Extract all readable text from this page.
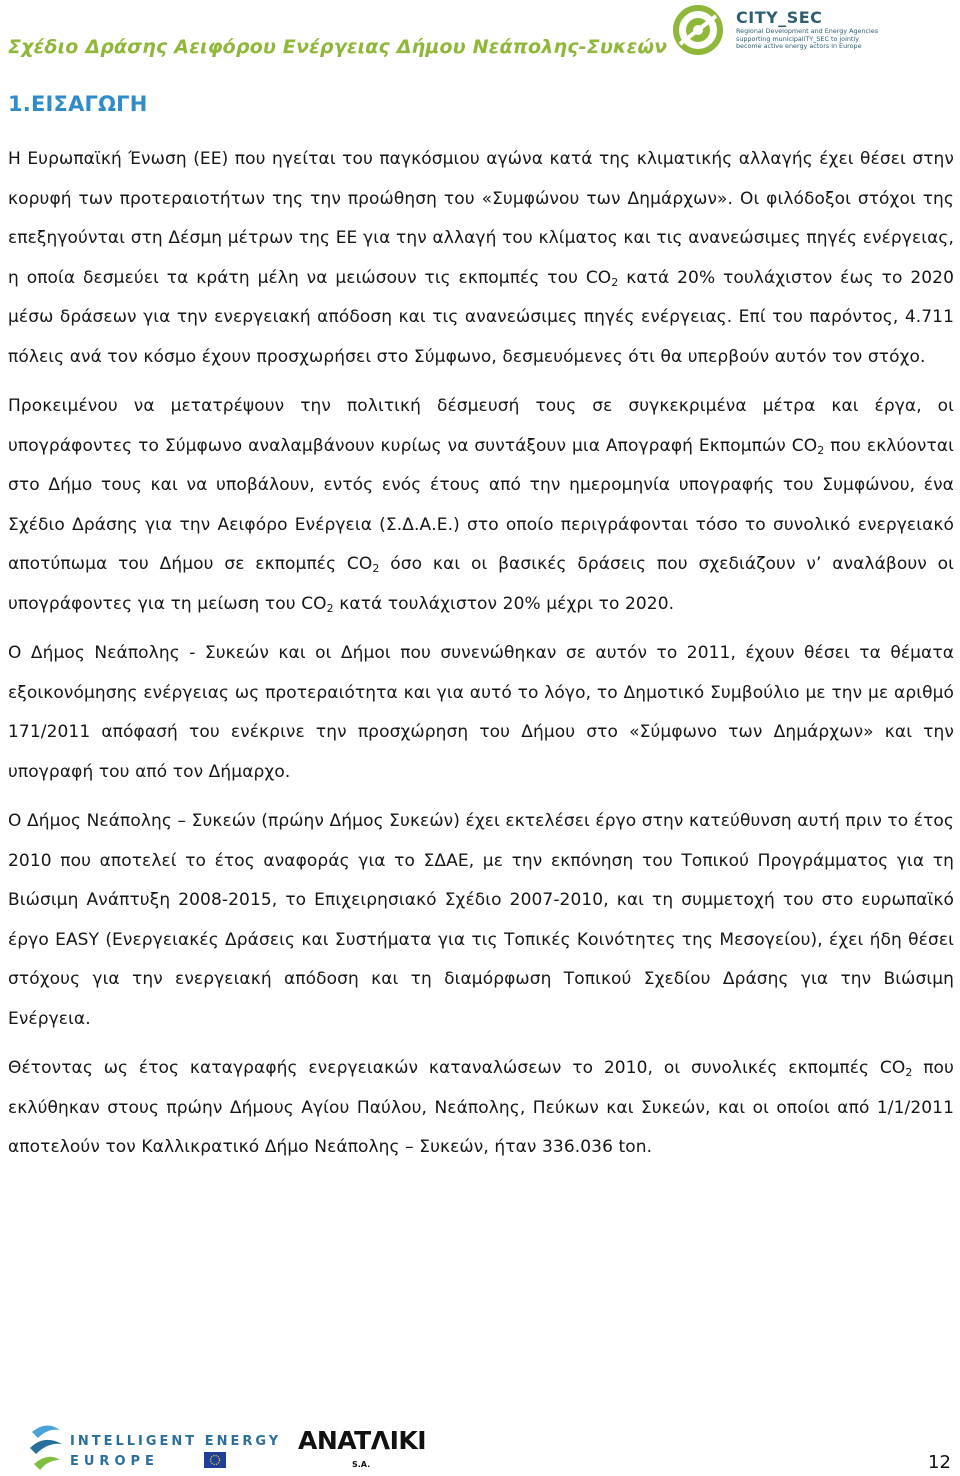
Σχέδιο Δράσης Αειφόρου Ενέργειας Δήμου Νεάπολης-Συκεών
CITY_SEC
Regional Development and Energy Agencies
supporting municipaliTY_SEC to jointly
become active energy actors in Europe
1.ΕΙΣΑΓΩΓΗ

Η Ευρωπαϊκή Ένωση (ΕΕ) που ηγείται του παγκόσμιου αγώνα κατά της κλιματικής αλλαγής έχει θέσει στην κορυφή των προτεραιοτήτων της την προώθηση του «Συμφώνου των Δημάρχων». Οι φιλόδοξοι στόχοι της επεξηγούνται στη Δέσμη μέτρων της ΕΕ για την αλλαγή του κλίματος και τις ανανεώσιμες πηγές ενέργειας, η οποία δεσμεύει τα κράτη μέλη να μειώσουν τις εκπομπές του $CO_2$ κατά 20% τουλάχιστον έως το 2020 μέσω δράσεων για την ενεργειακή απόδοση και τις ανανεώσιμες πηγές ενέργειας. Επί του παρόντος, 4.711 πόλεις ανά τον κόσμο έχουν προσχωρήσει στο Σύμφωνο, δεσμευόμενες ότι θα υπερβούν αυτόν τον στόχο.

Προκειμένου να μετατρέψουν την πολιτική δέσμευσή τους σε συγκεκριμένα μέτρα και έργα, οι υπογράφοντες το Σύμφωνο αναλαμβάνουν κυρίως να συντάξουν μια Απογραφή Εκπομπών $CO_2$ που εκλύονται στο Δήμο τους και να υποβάλουν, εντός ενός έτους από την ημερομηνία υπογραφής του Συμφώνου, ένα Σχέδιο Δράσης για την Αειφόρο Ενέργεια (Σ.Δ.Α.Ε.) στο οποίο περιγράφονται τόσο το συνολικό ενεργειακό αποτύπωμα του Δήμου σε εκπομπές $CO_2$ όσο και οι βασικές δράσεις που σχεδιάζουν ν’ αναλάβουν οι υπογράφοντες για τη μείωση του $CO_2$ κατά τουλάχιστον 20% μέχρι το 2020.

Ο Δήμος Νεάπολης - Συκεών και οι Δήμοι που συνενώθηκαν σε αυτόν το 2011, έχουν θέσει τα θέματα εξοικονόμησης ενέργειας ως προτεραιότητα και για αυτό το λόγο, το Δημοτικό Συμβούλιο με την με αριθμό 171/2011 απόφασή του ενέκρινε την προσχώρηση του Δήμου στο «Σύμφωνο των Δημάρχων» και την υπογραφή του από τον Δήμαρχο.

Ο Δήμος Νεάπολης – Συκεών (πρώην Δήμος Συκεών) έχει εκτελέσει έργο στην κατεύθυνση αυτή πριν το έτος 2010 που αποτελεί το έτος αναφοράς για το ΣΔΑΕ, με την εκπόνηση του Τοπικού Προγράμματος για τη Βιώσιμη Ανάπτυξη 2008-2015, το Επιχειρησιακό Σχέδιο 2007-2010, και τη συμμετοχή του στο ευρωπαϊκό έργο EASY (Ενεργειακές Δράσεις και Συστήματα για τις Τοπικές Κοινότητες της Μεσογείου), έχει ήδη θέσει στόχους για την ενεργειακή απόδοση και τη διαμόρφωση Τοπικού Σχεδίου Δράσης για την Βιώσιμη Ενέργεια.

Θέτοντας ως έτος καταγραφής ενεργειακών καταναλώσεων το 2010, οι συνολικές εκπομπές $CO_2$ που εκλύθηκαν στους πρώην Δήμους Αγίου Παύλου, Νεάπολης, Πεύκων και Συκεών, και οι οποίοι από 1/1/2011 αποτελούν τον Καλλικρατικό Δήμο Νεάπολης – Συκεών, ήταν 336.036 ton.

INTELLIGENT ENERGY
EUROPE
ANATΛIKI
S.A.	12
